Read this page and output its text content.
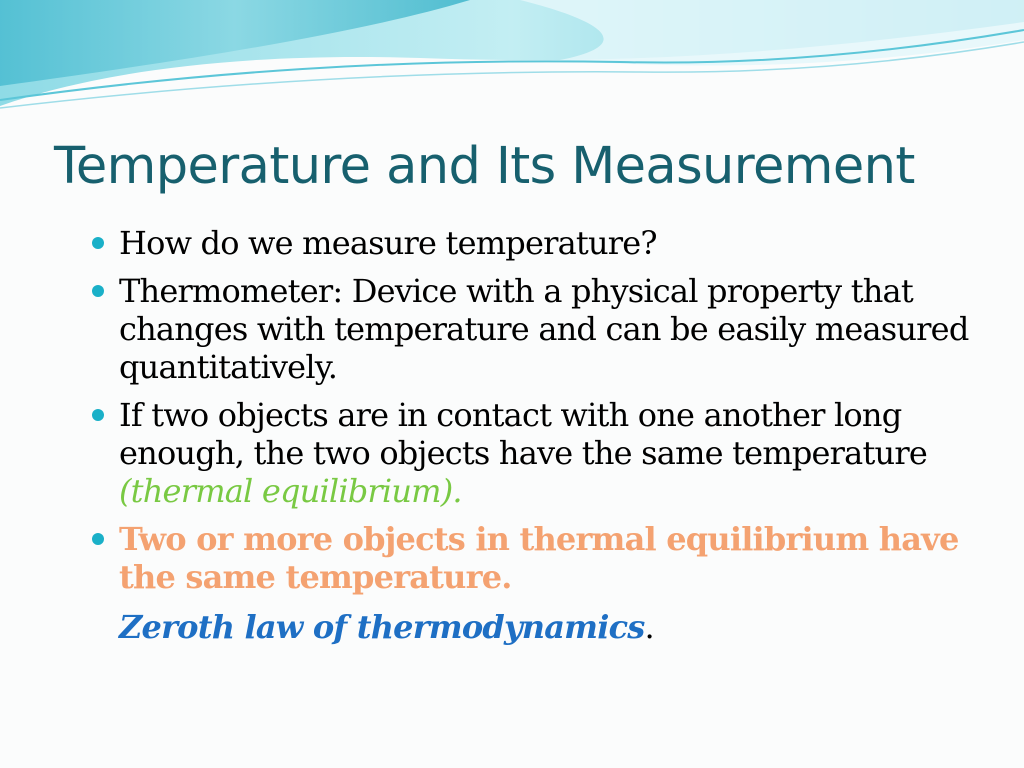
Temperature and Its Measurement
How do we measure temperature?
Thermometer: Device with a physical property that changes with temperature and can be easily measured quantitatively.
If two objects are in contact with one another long enough, the two objects have the same temperature (thermal equilibrium).
Two or more objects in thermal equilibrium have the same temperature.
Zeroth law of thermodynamics.
